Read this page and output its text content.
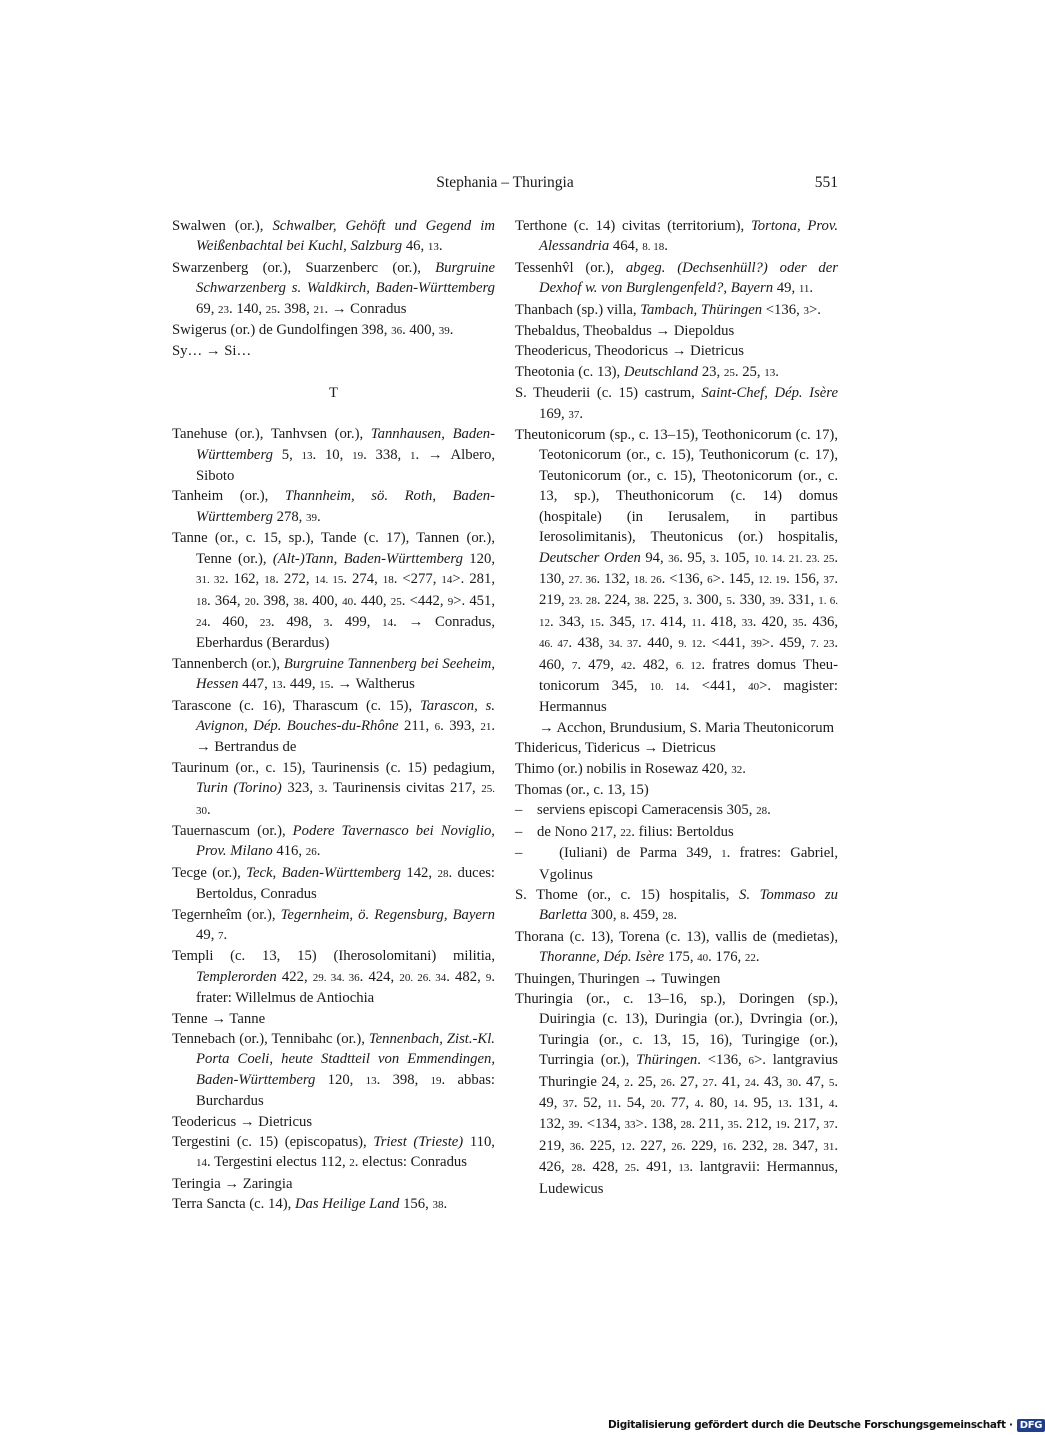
Stephania – Thuringia	551

Swalwen (or.), Schwalber, Gehöft und Gegend im Weißenbachtal bei Kuchl, Salzburg 46, 13.

Swarzenberg (or.), Suarzenberc (or.), Burgruine Schwarzenberg s. Waldkirch, Baden-Württemberg 69, 23. 140, 25. 398, 21. → Conradus

Swigerus (or.) de Gundolfingen 398, 36. 400, 39.

Sy… → Si…

T

Tanehuse (or.), Tanhvsen (or.), Tannhausen, Baden-Württemberg 5, 13. 10, 19. 338, 1. → Albero, Siboto

Tanheim (or.), Thannheim, sö. Roth, Baden-Württemberg 278, 39.

Tanne (or., c. 15, sp.), Tande (c. 17), Tannen (or.), Tenne (or.), (Alt-)Tann, Baden-Württemberg 120, 31. 32. 162, 18. 272, 14. 15. 274, 18. <277, 14>. 281, 18. 364, 20. 398, 38. 400, 40. 440, 25. <442, 9>. 451, 24. 460, 23. 498, 3. 499, 14. → Conradus, Eberhardus (Berardus)

Tannenberch (or.), Burgruine Tannenberg bei Seeheim, Hessen 447, 13. 449, 15. → Waltherus

Tarascone (c. 16), Tharascum (c. 15), Tarascon, s. Avignon, Dép. Bouches-du-Rhône 211, 6. 393, 21. → Bertrandus de

Taurinum (or., c. 15), Taurinensis (c. 15) pedagium, Turin (Torino) 323, 3. Taurinensis civitas 217, 25. 30.

Tauernascum (or.), Podere Tavernasco bei Noviglio, Prov. Milano 416, 26.

Tecge (or.), Teck, Baden-Württemberg 142, 28. duces: Bertoldus, Conradus

Tegernheîm (or.), Tegernheim, ö. Regensburg, Bayern 49, 7.

Templi (c. 13, 15) (Iherosolomitani) militia, Templerorden 422, 29. 34. 36. 424, 20. 26. 34. 482, 9. frater: Willelmus de Antiochia

Tenne → Tanne

Tennebach (or.), Tennibahc (or.), Tennenbach, Zist.-Kl. Porta Coeli, heute Stadtteil von Emmendingen, Baden-Württemberg 120, 13. 398, 19. abbas: Burchardus

Teodericus → Dietricus

Tergestini (c. 15) (episcopatus), Triest (Trieste) 110, 14. Tergestini electus 112, 2. electus: Conradus

Teringia → Zaringia

Terra Sancta (c. 14), Das Heilige Land 156, 38.

Terthone (c. 14) civitas (territorium), Tortona, Prov. Alessandria 464, 8. 18.

Tessenhv̂l (or.), abgeg. (Dechsenhüll?) oder der Dexhof w. von Burglengenfeld?, Bayern 49, 11.

Thanbach (sp.) villa, Tambach, Thüringen <136, 3>.

Thebaldus, Theobaldus → Diepoldus

Theodericus, Theodoricus → Dietricus

Theotonia (c. 13), Deutschland 23, 25. 25, 13.

S. Theuderii (c. 15) castrum, Saint-Chef, Dép. Isère 169, 37.

Theutonicorum (sp., c. 13–15), Teothonicorum (c. 17), Teotonicorum (or., c. 15), Teuthonicorum (c. 17), Teutonicorum (or., c. 15), Theotonicorum (or., c. 13, sp.), Theuthonicorum (c. 14) domus (hospitale) (in Ierusalem, in partibus Ierosolimitanis), Theutonicus (or.) hospitalis, Deutscher Orden 94, 36. 95, 3. 105, 10. 14. 21. 23. 25. 130, 27. 36. 132, 18. 26. <136, 6>. 145, 12. 19. 156, 37. 219, 23. 28. 224, 38. 225, 3. 300, 5. 330, 39. 331, 1. 6. 12. 343, 15. 345, 17. 414, 11. 418, 33. 420, 35. 436, 46. 47. 438, 34. 37. 440, 9. 12. <441, 39>. 459, 7. 23. 460, 7. 479, 42. 482, 6. 12. fratres domus Theutonicorum 345, 10. 14. <441, 40>. magister: Hermannus

→ Acchon, Brundusium, S. Maria Theutonicorum

Thidericus, Tidericus → Dietricus

Thimo (or.) nobilis in Rosewaz 420, 32.

Thomas (or., c. 13, 15)

–    serviens episcopi Cameracensis 305, 28.

–    de Nono 217, 22. filius: Bertoldus

–    (Iuliani) de Parma 349, 1. fratres: Gabriel, Vgolinus

S. Thome (or., c. 15) hospitalis, S. Tommaso zu Barletta 300, 8. 459, 28.

Thorana (c. 13), Torena (c. 13), vallis de (medietas), Thoranne, Dép. Isère 175, 40. 176, 22.

Thuingen, Thuringen → Tuwingen

Thuringia (or., c. 13–16, sp.), Doringen (sp.), Duiringia (c. 13), Duringia (or.), Dvringia (or.), Turingia (or., c. 13, 15, 16), Turingige (or.), Turringia (or.), Thüringen. <136, 6>. lantgravius Thuringie 24, 2. 25, 26. 27, 27. 41, 24. 43, 30. 47, 5. 49, 37. 52, 11. 54, 20. 77, 4. 80, 14. 95, 13. 131, 4. 132, 39. <134, 33>. 138, 28. 211, 35. 212, 19. 217, 37. 219, 36. 225, 12. 227, 26. 229, 16. 232, 28. 347, 31. 426, 28. 428, 25. 491, 13. lantgravii: Hermannus, Ludewicus

Digitalisierung gefördert durch die Deutsche Forschungsgemeinschaft · DFG
